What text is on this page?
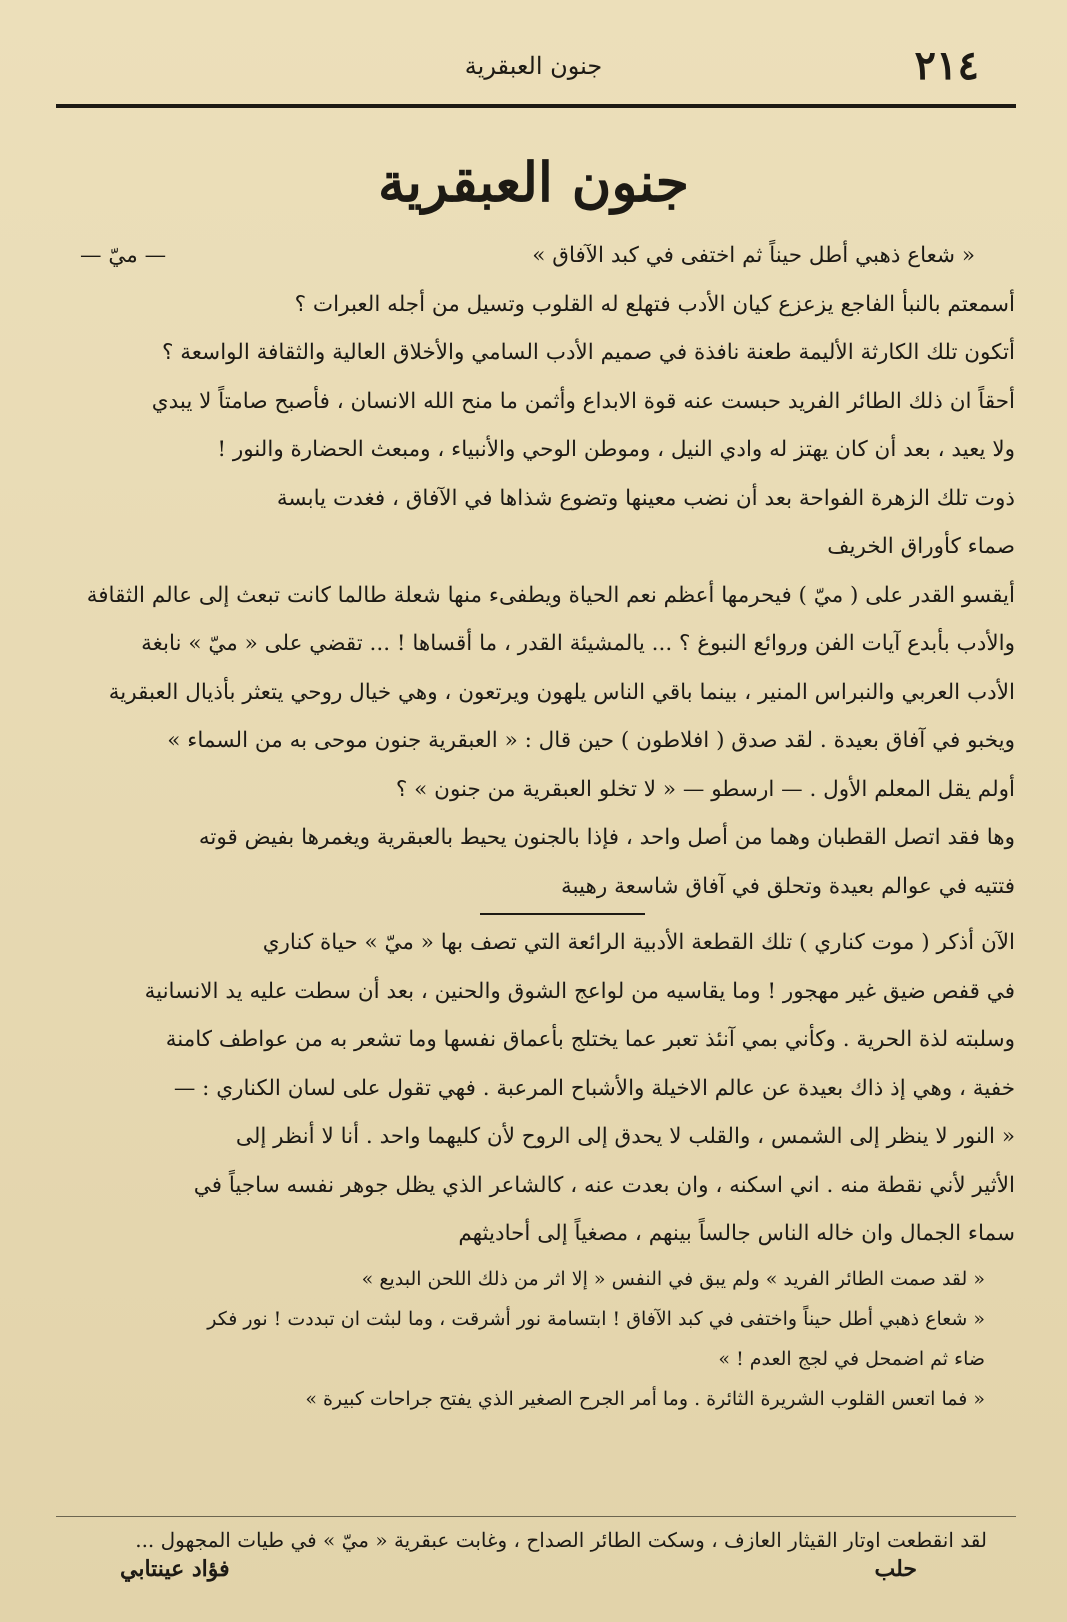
٢١٤
جنون العبقرية
جنون العبقرية
« شعاع ذهبي أطل حيناً ثم اختفى في كبد الآفاق »
— ميّ —
أسمعتم بالنبأ الفاجع يزعزع كيان الأدب فتهلع له القلوب وتسيل من أجله العبرات ؟
أتكون تلك الكارثة الأليمة طعنة نافذة في صميم الأدب السامي والأخلاق العالية والثقافة الواسعة ؟
أحقاً ان ذلك الطائر الفريد حبست عنه قوة الابداع وأثمن ما منح الله الانسان ، فأصبح صامتاً لا يبدي
ولا يعيد ، بعد أن كان يهتز له وادي النيل ، وموطن الوحي والأنبياء ، ومبعث الحضارة والنور !
ذوت تلك الزهرة الفواحة بعد أن نضب معينها وتضوع شذاها في الآفاق ، فغدت يابسة
صماء كأوراق الخريف
أيقسو القدر على ( ميّ ) فيحرمها أعظم نعم الحياة ويطفىء منها شعلة طالما كانت تبعث إلى عالم الثقافة
والأدب بأبدع آيات الفن وروائع النبوغ ؟ ... يالمشيئة القدر ، ما أقساها ! ... تقضي على « ميّ » نابغة
الأدب العربي والنبراس المنير ، بينما باقي الناس يلهون ويرتعون ، وهي خيال روحي يتعثر بأذيال العبقرية
ويخبو في آفاق بعيدة . لقد صدق ( افلاطون ) حين قال : « العبقرية جنون موحى به من السماء »
أولم يقل المعلم الأول . — ارسطو — « لا تخلو العبقرية من جنون » ؟
وها فقد اتصل القطبان وهما من أصل واحد ، فإذا بالجنون يحيط بالعبقرية ويغمرها بفيض قوته
فتتيه في عوالم بعيدة وتحلق في آفاق شاسعة رهيبة
الآن أذكر ( موت كناري ) تلك القطعة الأدبية الرائعة التي تصف بها « ميّ » حياة كناري
في قفص ضيق غير مهجور ! وما يقاسيه من لواعج الشوق والحنين ، بعد أن سطت عليه يد الانسانية
وسلبته لذة الحرية . وكأني بمي آنئذ تعبر عما يختلج بأعماق نفسها وما تشعر به من عواطف كامنة
خفية ، وهي إذ ذاك بعيدة عن عالم الاخيلة والأشباح المرعبة . فهي تقول على لسان الكناري : —
« النور لا ينظر إلى الشمس ، والقلب لا يحدق إلى الروح لأن كليهما واحد . أنا لا أنظر إلى
الأثير لأني نقطة منه . اني اسكنه ، وان بعدت عنه ، كالشاعر الذي يظل جوهر نفسه ساجياً في
سماء الجمال وان خاله الناس جالساً بينهم ، مصغياً إلى أحاديثهم
« لقد صمت الطائر الفريد » ولم يبق في النفس « إلا اثر من ذلك اللحن البديع »
« شعاع ذهبي أطل حيناً واختفى في كبد الآفاق ! ابتسامة نور أشرقت ، وما لبثت ان تبددت ! نور فكر
ضاء ثم اضمحل في لجج العدم ! »
« فما اتعس القلوب الشريرة الثائرة . وما أمر الجرح الصغير الذي يفتح جراحات كبيرة »
لقد انقطعت اوتار القيثار العازف ، وسكت الطائر الصداح ، وغابت عبقرية « ميّ » في طيات المجهول ...
حلب
فؤاد عينتابي
